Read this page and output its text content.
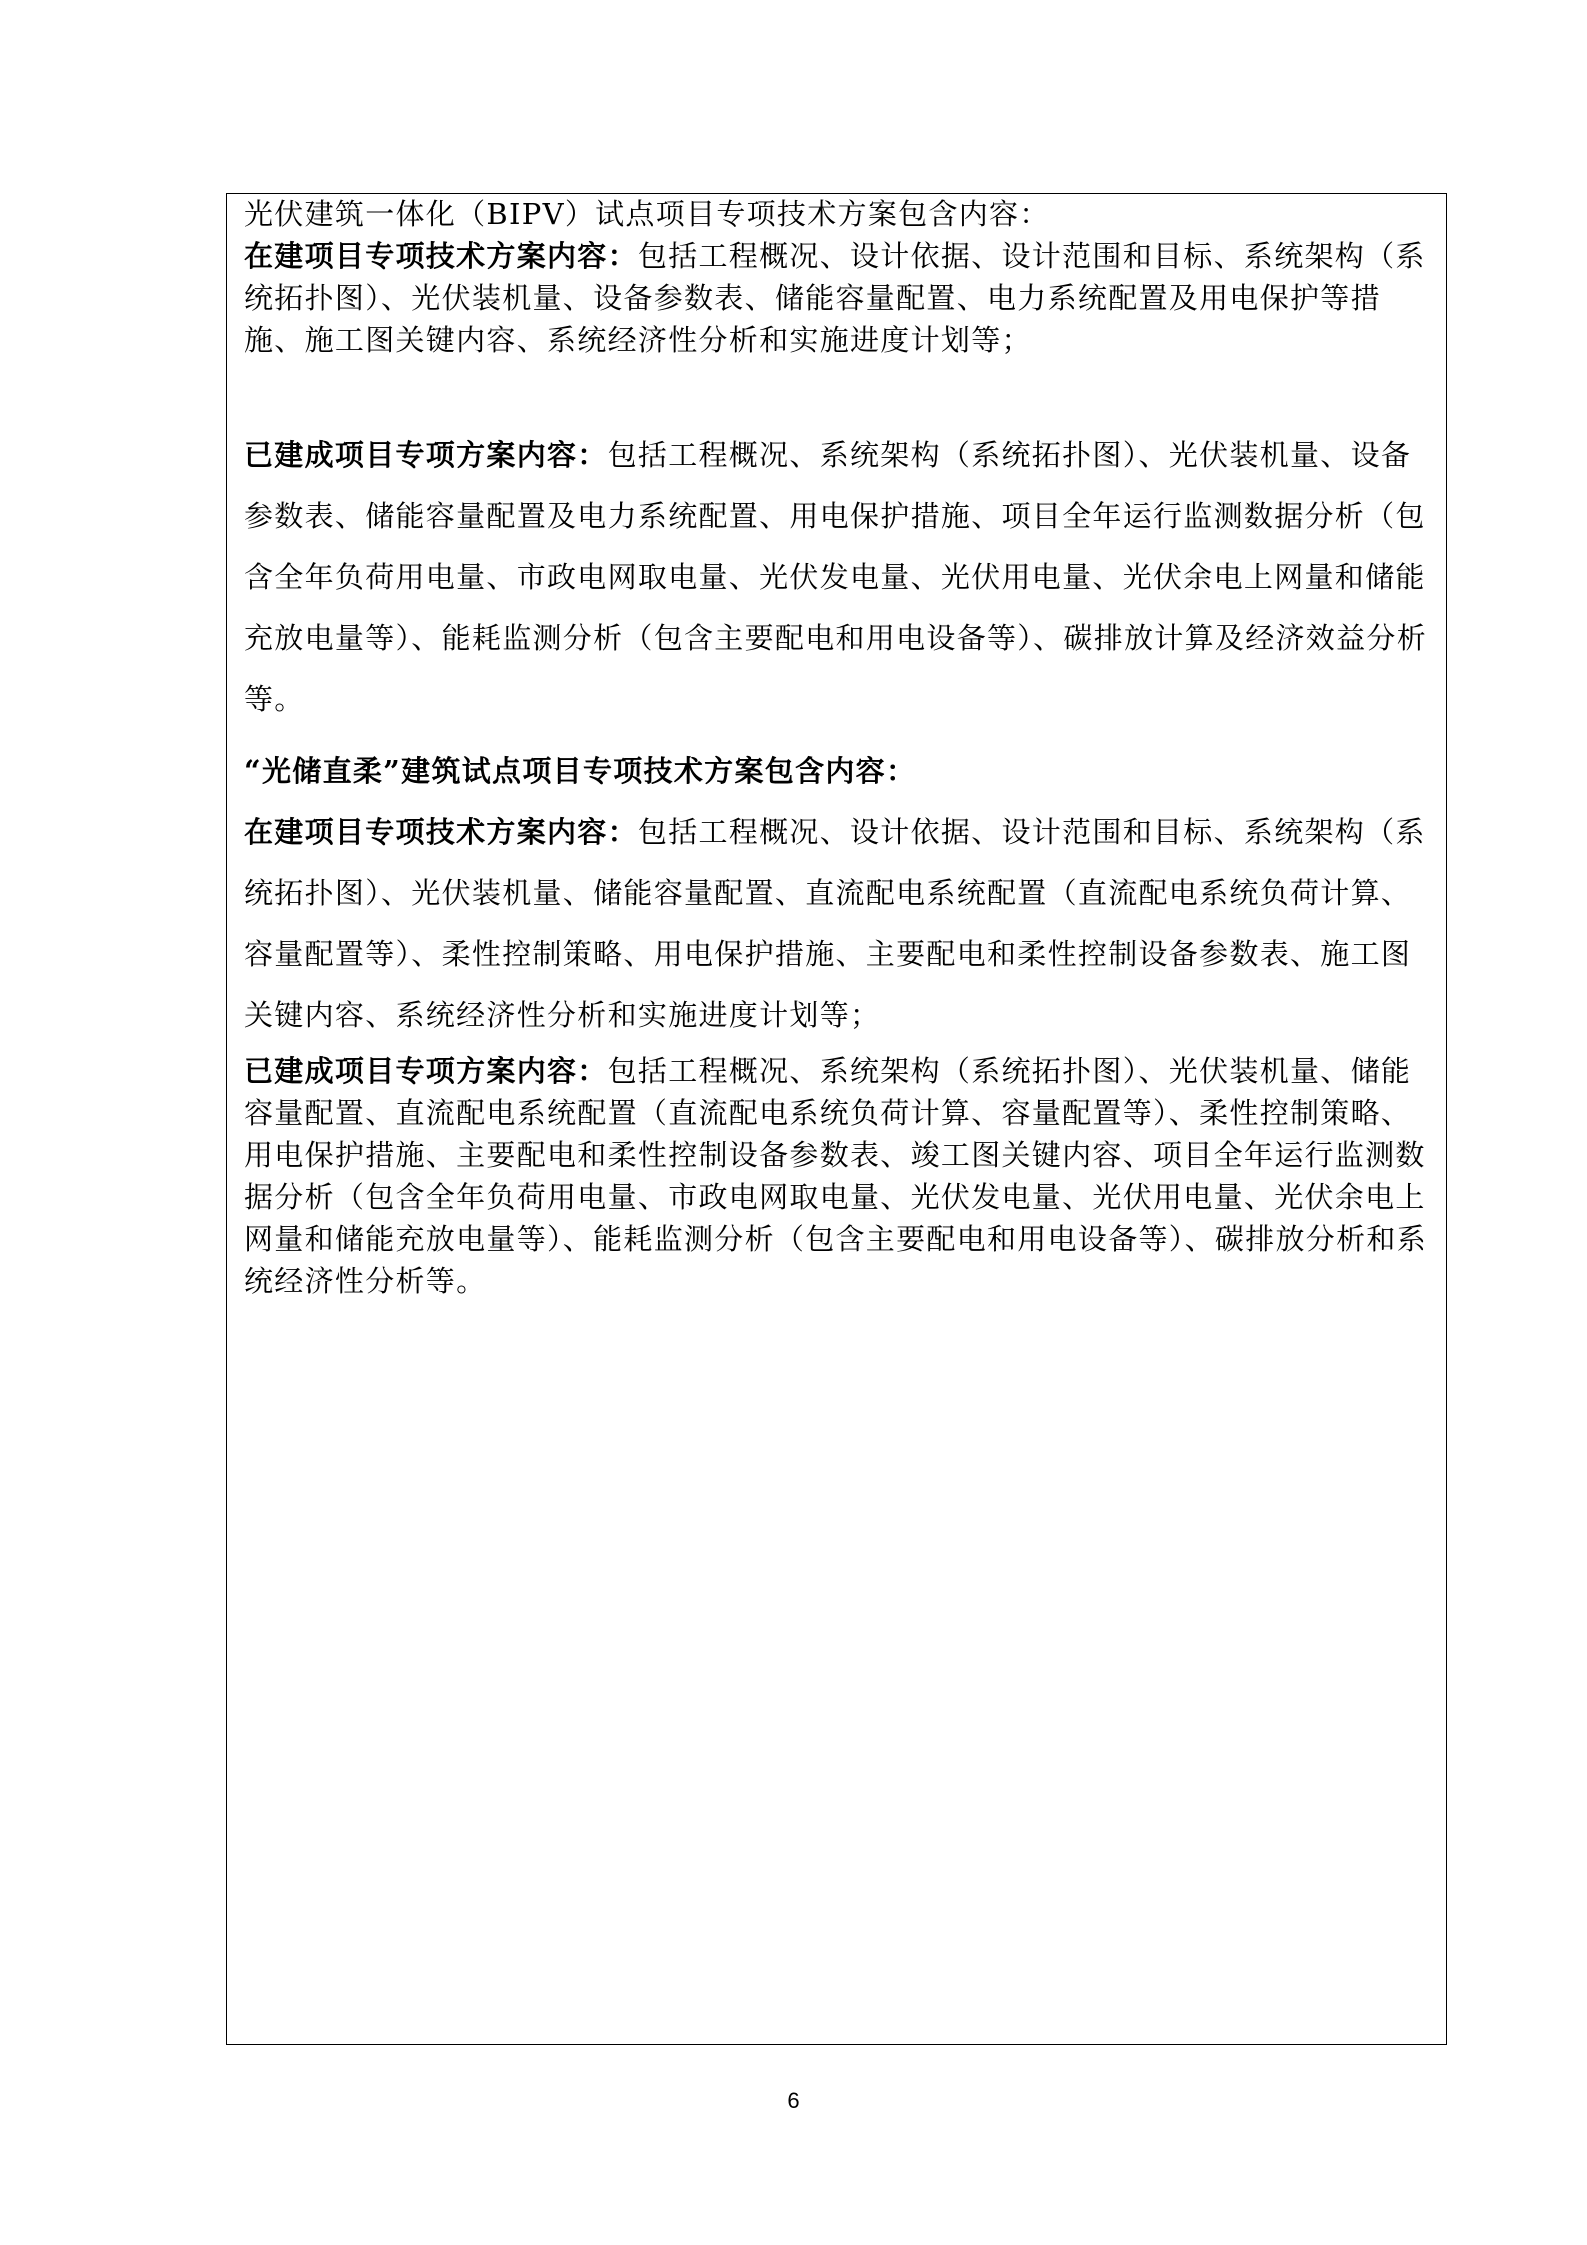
光伏建筑一体化（BIPV）试点项目专项技术方案包含内容：

在建项目专项技术方案内容：包括工程概况、设计依据、设计范围和目标、系统架构（系统拓扑图）、光伏装机量、设备参数表、储能容量配置、电力系统配置及用电保护等措施、施工图关键内容、系统经济性分析和实施进度计划等；

已建成项目专项方案内容：包括工程概况、系统架构（系统拓扑图）、光伏装机量、设备参数表、储能容量配置及电力系统配置、用电保护措施、项目全年运行监测数据分析（包含全年负荷用电量、市政电网取电量、光伏发电量、光伏用电量、光伏余电上网量和储能充放电量等）、能耗监测分析（包含主要配电和用电设备等）、碳排放计算及经济效益分析等。

“光储直柔”建筑试点项目专项技术方案包含内容：

在建项目专项技术方案内容：包括工程概况、设计依据、设计范围和目标、系统架构（系统拓扑图）、光伏装机量、储能容量配置、直流配电系统配置（直流配电系统负荷计算、容量配置等）、柔性控制策略、用电保护措施、主要配电和柔性控制设备参数表、施工图关键内容、系统经济性分析和实施进度计划等；

已建成项目专项方案内容：包括工程概况、系统架构（系统拓扑图）、光伏装机量、储能容量配置、直流配电系统配置（直流配电系统负荷计算、容量配置等）、柔性控制策略、用电保护措施、主要配电和柔性控制设备参数表、竣工图关键内容、项目全年运行监测数据分析（包含全年负荷用电量、市政电网取电量、光伏发电量、光伏用电量、光伏余电上网量和储能充放电量等）、能耗监测分析（包含主要配电和用电设备等）、碳排放分析和系统经济性分析等。

6
